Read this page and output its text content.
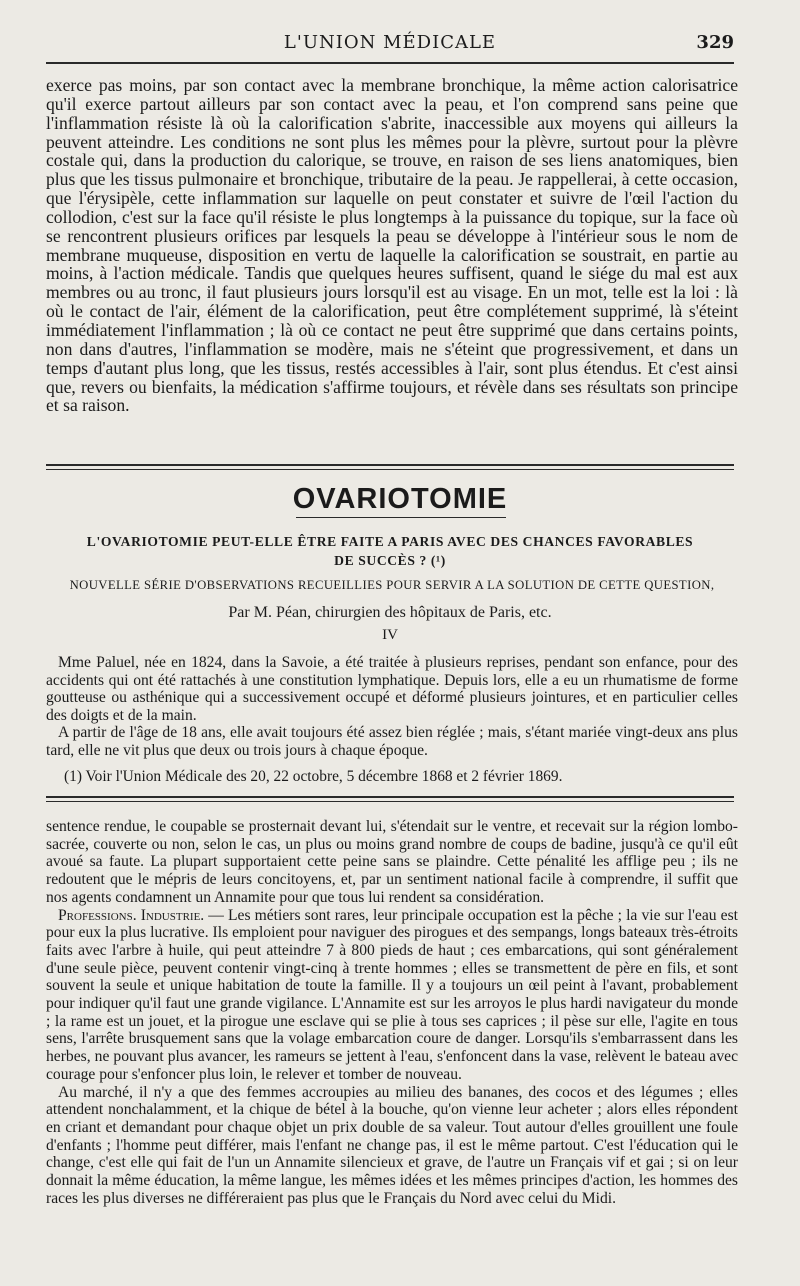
L'UNION MÉDICALE	329

exerce pas moins, par son contact avec la membrane bronchique, la même action calorisatrice qu'il exerce partout ailleurs par son contact avec la peau, et l'on comprend sans peine que l'inflammation résiste là où la calorification s'abrite, inaccessible aux moyens qui ailleurs la peuvent atteindre. Les conditions ne sont plus les mêmes pour la plèvre, surtout pour la plèvre costale qui, dans la production du calorique, se trouve, en raison de ses liens anatomiques, bien plus que les tissus pulmonaire et bronchique, tributaire de la peau. Je rappellerai, à cette occasion, que l'érysipèle, cette inflammation sur laquelle on peut constater et suivre de l'œil l'action du collodion, c'est sur la face qu'il résiste le plus longtemps à la puissance du topique, sur la face où se rencontrent plusieurs orifices par lesquels la peau se développe à l'intérieur sous le nom de membrane muqueuse, disposition en vertu de laquelle la calorification se soustrait, en partie au moins, à l'action médicale. Tandis que quelques heures suffisent, quand le siége du mal est aux membres ou au tronc, il faut plusieurs jours lorsqu'il est au visage. En un mot, telle est la loi : là où le contact de l'air, élément de la calorification, peut être complétement supprimé, là s'éteint immédiatement l'inflammation ; là où ce contact ne peut être supprimé que dans certains points, non dans d'autres, l'inflammation se modère, mais ne s'éteint que progressivement, et dans un temps d'autant plus long, que les tissus, restés accessibles à l'air, sont plus étendus. Et c'est ainsi que, revers ou bienfaits, la médication s'affirme toujours, et révèle dans ses résultats son principe et sa raison.

OVARIOTOMIE
L'OVARIOTOMIE PEUT-ELLE ÊTRE FAITE A PARIS AVEC DES CHANCES FAVORABLES
DE SUCCÈS ? (¹)
NOUVELLE SÉRIE D'OBSERVATIONS RECUEILLIES POUR SERVIR A LA SOLUTION DE CETTE QUESTION,
Par M. Péan, chirurgien des hôpitaux de Paris, etc.
IV

Mme Paluel, née en 1824, dans la Savoie, a été traitée à plusieurs reprises, pendant son enfance, pour des accidents qui ont été rattachés à une constitution lymphatique. Depuis lors, elle a eu un rhumatisme de forme goutteuse ou asthénique qui a successivement occupé et déformé plusieurs jointures, et en particulier celles des doigts et de la main.

A partir de l'âge de 18 ans, elle avait toujours été assez bien réglée ; mais, s'étant mariée vingt-deux ans plus tard, elle ne vit plus que deux ou trois jours à chaque époque.

(1) Voir l'Union Médicale des 20, 22 octobre, 5 décembre 1868 et 2 février 1869.

sentence rendue, le coupable se prosternait devant lui, s'étendait sur le ventre, et recevait sur la région lombo-sacrée, couverte ou non, selon le cas, un plus ou moins grand nombre de coups de badine, jusqu'à ce qu'il eût avoué sa faute. La plupart supportaient cette peine sans se plaindre. Cette pénalité les afflige peu ; ils ne redoutent que le mépris de leurs concitoyens, et, par un sentiment national facile à comprendre, il suffit que nos agents condamnent un Annamite pour que tous lui rendent sa considération.

Professions. Industrie. — Les métiers sont rares, leur principale occupation est la pêche ; la vie sur l'eau est pour eux la plus lucrative. Ils emploient pour naviguer des pirogues et des sempangs, longs bateaux très-étroits faits avec l'arbre à huile, qui peut atteindre 7 à 800 pieds de haut ; ces embarcations, qui sont généralement d'une seule pièce, peuvent contenir vingt-cinq à trente hommes ; elles se transmettent de père en fils, et sont souvent la seule et unique habitation de toute la famille. Il y a toujours un œil peint à l'avant, probablement pour indiquer qu'il faut une grande vigilance. L'Annamite est sur les arroyos le plus hardi navigateur du monde ; la rame est un jouet, et la pirogue une esclave qui se plie à tous ses caprices ; il pèse sur elle, l'agite en tous sens, l'arrête brusquement sans que la volage embarcation coure de danger. Lorsqu'ils s'embarrassent dans les herbes, ne pouvant plus avancer, les rameurs se jettent à l'eau, s'enfoncent dans la vase, relèvent le bateau avec courage pour s'enfoncer plus loin, le relever et tomber de nouveau.

Au marché, il n'y a que des femmes accroupies au milieu des bananes, des cocos et des légumes ; elles attendent nonchalamment, et la chique de bétel à la bouche, qu'on vienne leur acheter ; alors elles répondent en criant et demandant pour chaque objet un prix double de sa valeur. Tout autour d'elles grouillent une foule d'enfants ; l'homme peut différer, mais l'enfant ne change pas, il est le même partout. C'est l'éducation qui le change, c'est elle qui fait de l'un un Annamite silencieux et grave, de l'autre un Français vif et gai ; si on leur donnait la même éducation, la même langue, les mêmes idées et les mêmes principes d'action, les hommes des races les plus diverses ne différeraient pas plus que le Français du Nord avec celui du Midi.
